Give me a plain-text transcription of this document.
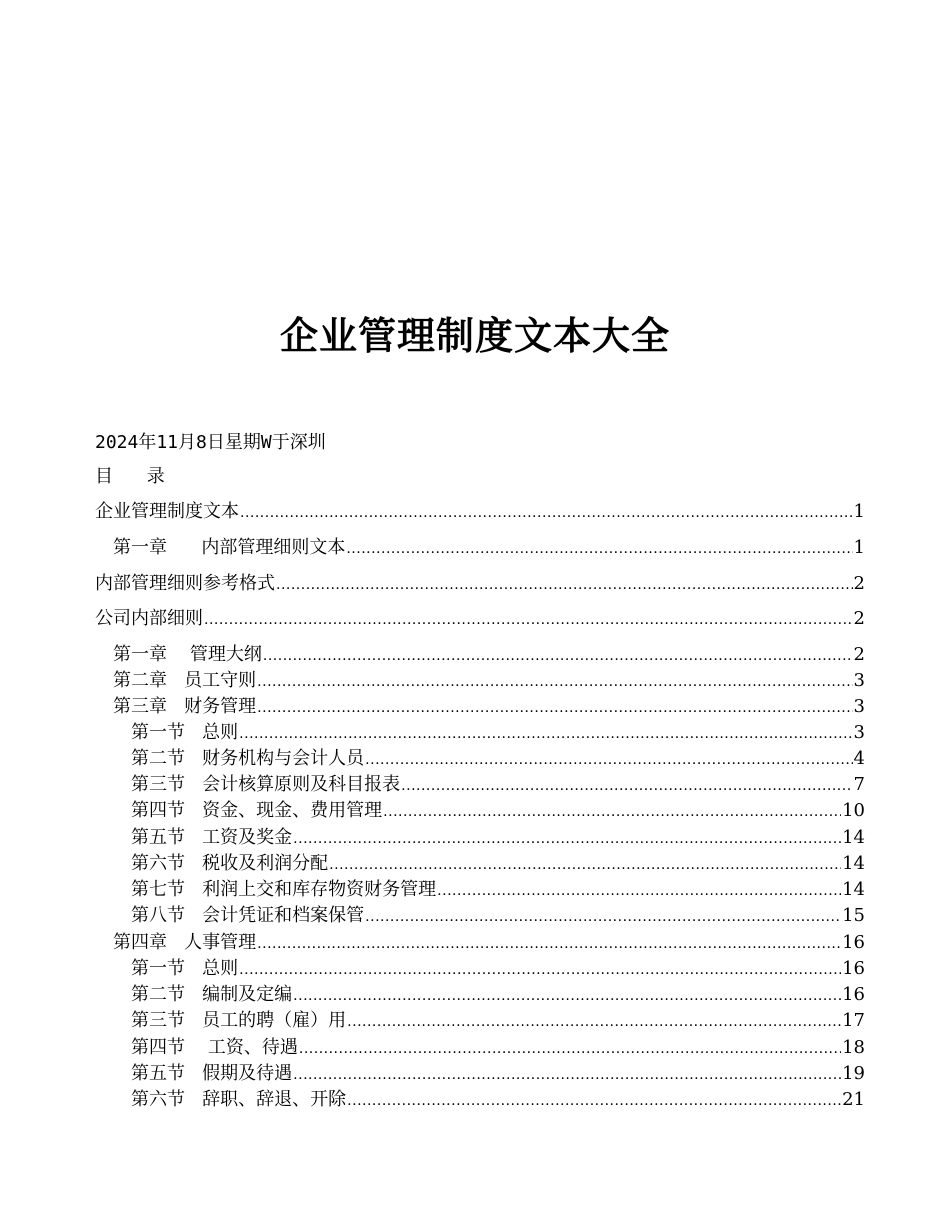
企业管理制度文本大全
2024年11月8日星期W于深圳
目 录
企业管理制度文本 .....	1
第一章      内部管理细则文本 .....	1
内部管理细则参考格式 .....	2
公司内部细则 .....	2
第一章    管理大纲 .....	2
第二章   员工守则 .....	3
第三章   财务管理 .....	3
第一节   总则 .....	3
第二节   财务机构与会计人员 .....	4
第三节   会计核算原则及科目报表 .....	7
第四节   资金、现金、费用管理 .....	10
第五节   工资及奖金 .....	14
第六节   税收及利润分配 .....	14
第七节   利润上交和库存物资财务管理 .....	14
第八节   会计凭证和档案保管 .....	15
第四章   人事管理 .....	16
第一节   总则 .....	16
第二节   编制及定编 .....	16
第三节   员工的聘（雇）用 .....	17
第四节    工资、待遇 .....	18
第五节   假期及待遇 .....	19
第六节   辞职、辞退、开除 .....	21
